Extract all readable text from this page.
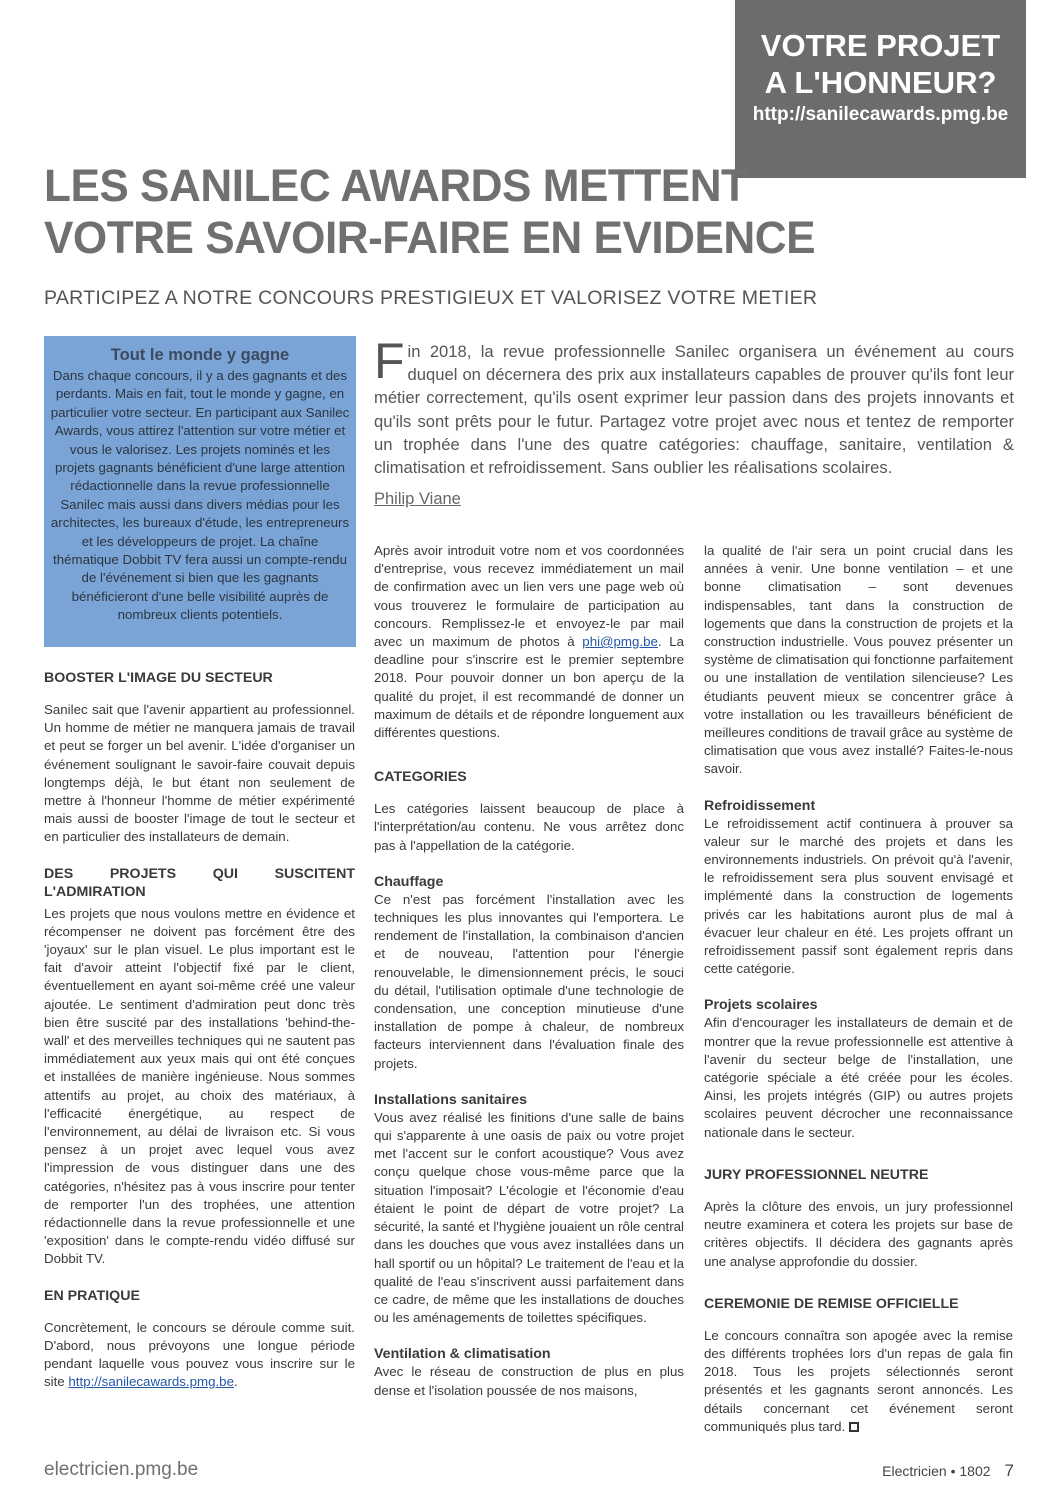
VOTRE PROJET
A L'HONNEUR?
http://sanilecawards.pmg.be
LES SANILEC AWARDS METTENT
VOTRE SAVOIR-FAIRE EN EVIDENCE
PARTICIPEZ A NOTRE CONCOURS PRESTIGIEUX ET VALORISEZ VOTRE METIER
Tout le monde y gagne

Dans chaque concours, il y a des gagnants et des perdants. Mais en fait, tout le monde y gagne, en particulier votre secteur. En participant aux Sanilec Awards, vous attirez l'attention sur votre métier et vous le valorisez. Les projets nominés et les projets gagnants bénéficient d'une large attention rédactionnelle dans la revue professionnelle Sanilec mais aussi dans divers médias pour les architectes, les bureaux d'étude, les entrepreneurs et les développeurs de projet. La chaîne thématique Dobbit TV fera aussi un compte-rendu de l'événement si bien que les gagnants bénéficieront d'une belle visibilité auprès de nombreux clients potentiels.

F in 2018, la revue professionnelle Sanilec organisera un événement au cours duquel on décernera des prix aux installateurs capables de prouver qu'ils font leur métier correctement, qu'ils osent exprimer leur passion dans des projets innovants et qu'ils sont prêts pour le futur. Partagez votre projet avec nous et tentez de remporter un trophée dans l'une des quatre catégories: chauffage, sanitaire, ventilation & climatisation et refroidissement. Sans oublier les réalisations scolaires.

Philip Viane
BOOSTER L'IMAGE DU SECTEUR

Sanilec sait que l'avenir appartient au professionnel. Un homme de métier ne manquera jamais de travail et peut se forger un bel avenir. L'idée d'organiser un événement soulignant le savoir-faire couvait depuis longtemps déjà, le but étant non seulement de mettre à l'honneur l'homme de métier expérimenté mais aussi de booster l'image de tout le secteur et en particulier des installateurs de demain.

DES PROJETS QUI SUSCITENT L'ADMIRATION

Les projets que nous voulons mettre en évidence et récompenser ne doivent pas forcément être des 'joyaux' sur le plan visuel. Le plus important est le fait d'avoir atteint l'objectif fixé par le client, éventuellement en ayant soi-même créé une valeur ajoutée. Le sentiment d'admiration peut donc très bien être suscité par des installations 'behind-the-wall' et des merveilles techniques qui ne sautent pas immédiatement aux yeux mais qui ont été conçues et installées de manière ingénieuse. Nous sommes attentifs au projet, au choix des matériaux, à l'efficacité énergétique, au respect de l'environnement, au délai de livraison etc. Si vous pensez à un projet avec lequel vous avez l'impression de vous distinguer dans une des catégories, n'hésitez pas à vous inscrire pour tenter de remporter l'un des trophées, une attention rédactionnelle dans la revue professionnelle et une 'exposition' dans le compte-rendu vidéo diffusé sur Dobbit TV.

EN PRATIQUE

Concrètement, le concours se déroule comme suit. D'abord, nous prévoyons une longue période pendant laquelle vous pouvez vous inscrire sur le site http://sanilecawards.pmg.be.

Après avoir introduit votre nom et vos coordonnées d'entreprise, vous recevez immédiatement un mail de confirmation avec un lien vers une page web où vous trouverez le formulaire de participation au concours. Remplissez-le et envoyez-le par mail avec un maximum de photos à phi@pmg.be. La deadline pour s'inscrire est le premier septembre 2018. Pour pouvoir donner un bon aperçu de la qualité du projet, il est recommandé de donner un maximum de détails et de répondre longuement aux différentes questions.

CATEGORIES

Les catégories laissent beaucoup de place à l'interprétation/au contenu. Ne vous arrêtez donc pas à l'appellation de la catégorie.

Chauffage

Ce n'est pas forcément l'installation avec les techniques les plus innovantes qui l'emportera. Le rendement de l'installation, la combinaison d'ancien et de nouveau, l'attention pour l'énergie renouvelable, le dimensionnement précis, le souci du détail, l'utilisation optimale d'une technologie de condensation, une conception minutieuse d'une installation de pompe à chaleur, de nombreux facteurs interviennent dans l'évaluation finale des projets.

Installations sanitaires

Vous avez réalisé les finitions d'une salle de bains qui s'apparente à une oasis de paix ou votre projet met l'accent sur le confort acoustique? Vous avez conçu quelque chose vous-même parce que la situation l'imposait? L'écologie et l'économie d'eau étaient le point de départ de votre projet? La sécurité, la santé et l'hygiène jouaient un rôle central dans les douches que vous avez installées dans un hall sportif ou un hôpital? Le traitement de l'eau et la qualité de l'eau s'inscrivent aussi parfaitement dans ce cadre, de même que les installations de douches ou les aménagements de toilettes spécifiques.

Ventilation & climatisation

Avec le réseau de construction de plus en plus dense et l'isolation poussée de nos maisons,

la qualité de l'air sera un point crucial dans les années à venir. Une bonne ventilation – et une bonne climatisation – sont devenues indispensables, tant dans la construction de logements que dans la construction de projets et la construction industrielle. Vous pouvez présenter un système de climatisation qui fonctionne parfaitement ou une installation de ventilation silencieuse? Les étudiants peuvent mieux se concentrer grâce à votre installation ou les travailleurs bénéficient de meilleures conditions de travail grâce au système de climatisation que vous avez installé? Faites-le-nous savoir.

Refroidissement

Le refroidissement actif continuera à prouver sa valeur sur le marché des projets et dans les environnements industriels. On prévoit qu'à l'avenir, le refroidissement sera plus souvent envisagé et implémenté dans la construction de logements privés car les habitations auront plus de mal à évacuer leur chaleur en été. Les projets offrant un refroidissement passif sont également repris dans cette catégorie.

Projets scolaires

Afin d'encourager les installateurs de demain et de montrer que la revue professionnelle est attentive à l'avenir du secteur belge de l'installation, une catégorie spéciale a été créée pour les écoles. Ainsi, les projets intégrés (GIP) ou autres projets scolaires peuvent décrocher une reconnaissance nationale dans le secteur.

JURY PROFESSIONNEL NEUTRE

Après la clôture des envois, un jury professionnel neutre examinera et cotera les projets sur base de critères objectifs. Il décidera des gagnants après une analyse approfondie du dossier.

CEREMONIE DE REMISE OFFICIELLE

Le concours connaîtra son apogée avec la remise des différents trophées lors d'un repas de gala fin 2018. Tous les projets sélectionnés seront présentés et les gagnants seront annoncés. Les détails concernant cet événement seront communiqués plus tard.

electricien.pmg.be	Electricien • 1802 7
